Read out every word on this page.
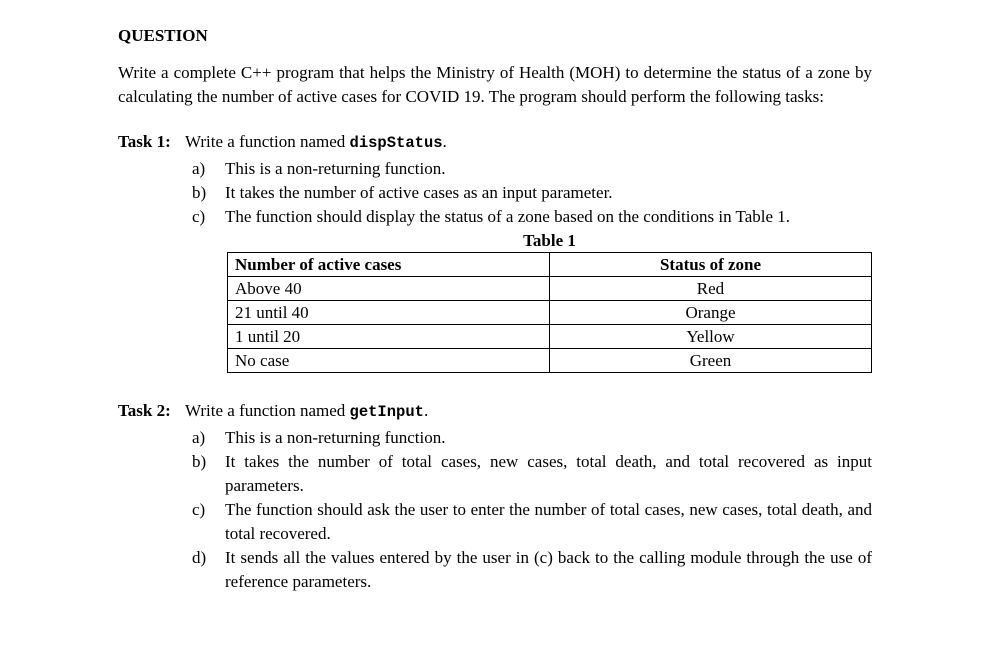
QUESTION

Write a complete C++ program that helps the Ministry of Health (MOH) to determine the status of a zone by calculating the number of active cases for COVID 19. The program should perform the following tasks:

Task 1: Write a function named dispStatus.
a)	This is a non-returning function.
b)	It takes the number of active cases as an input parameter.
c)	The function should display the status of a zone based on the conditions in Table 1.
Table 1
Number of active cases	Status of zone
Above 40	Red
21 until 40	Orange
1 until 20	Yellow
No case	Green
Task 2: Write a function named getInput.
a)	This is a non-returning function.
b)	It takes the number of total cases, new cases, total death, and total recovered as input parameters.
c)	The function should ask the user to enter the number of total cases, new cases, total death, and total recovered.
d)	It sends all the values entered by the user in (c) back to the calling module through the use of reference parameters.
